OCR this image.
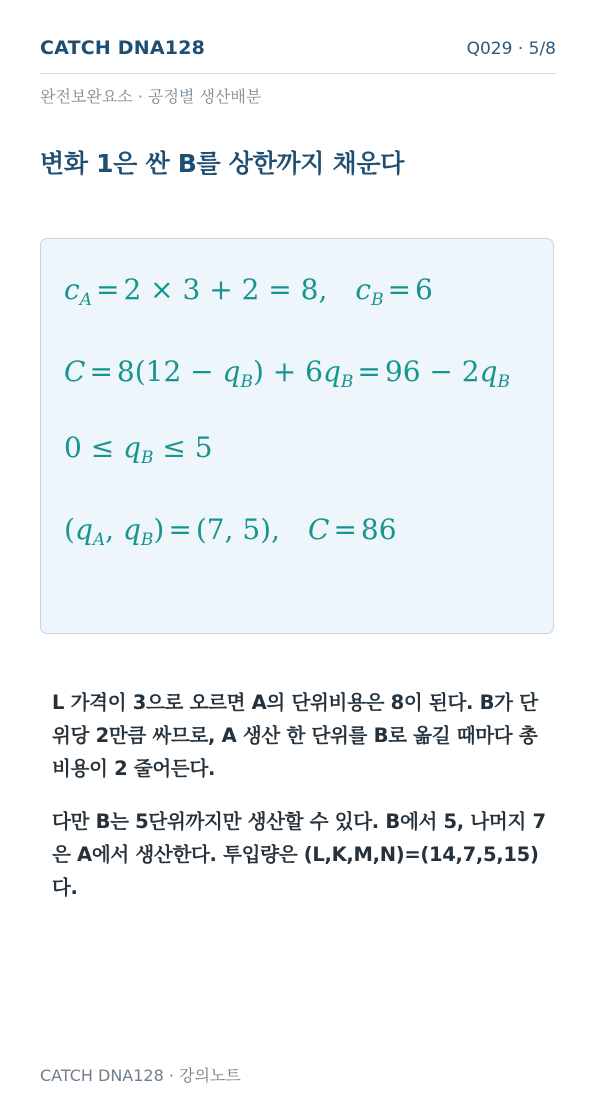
CATCH DNA128	Q029 · 5/8
완전보완요소 · 공정별 생산배분
변화 1은 싼 B를 상한까지 채운다
$c_A = 2 \times 3 + 2 = 8$, $c_B = 6$
$C = 8(12 - q_B) + 6q_B = 96 - 2q_B$
$0 \le q_B \le 5$
($q_A$, $q_B) = (7$, 5), C = 86
L 가격이 3으로 오르면 A의 단위비용은 8이 된다. B가 단위당 2만큼 싸므로, A 생산 한 단위를 B로 옮길 때마다 총비용이 2 줄어든다.
다만 B는 5단위까지만 생산할 수 있다. B에서 5, 나머지 7은 A에서 생산한다. 투입량은 (L,K,M,N)=(14,7,5,15)다.
CATCH DNA128 · 강의노트
